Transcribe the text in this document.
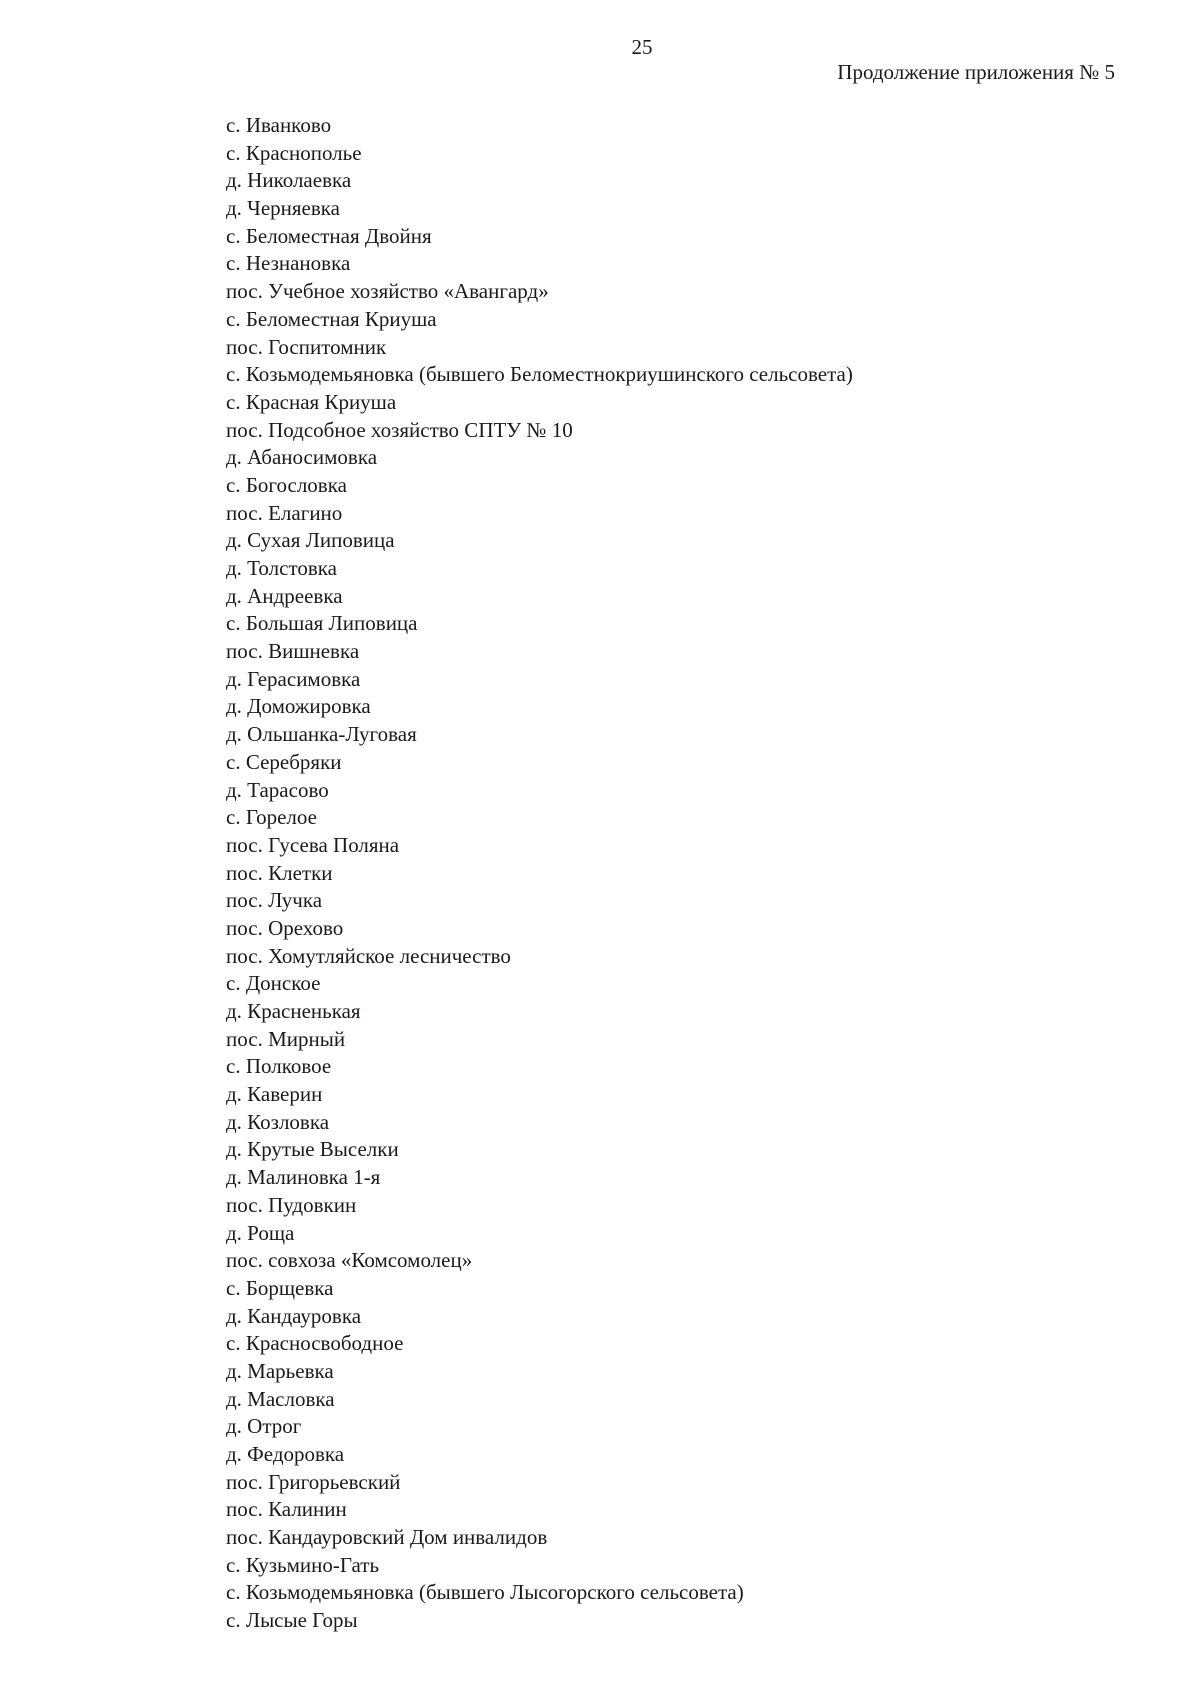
25
Продолжение приложения № 5
с. Иванково
с. Краснополье
д. Николаевка
д. Черняевка
с. Беломестная Двойня
с. Незнановка
пос. Учебное хозяйство «Авангард»
с. Беломестная Криуша
пос. Госпитомник
с. Козьмодемьяновка (бывшего Беломестнокриушинского сельсовета)
с. Красная Криуша
пос. Подсобное хозяйство СПТУ № 10
д. Абаносимовка
с. Богословка
пос. Елагино
д. Сухая Липовица
д. Толстовка
д. Андреевка
с. Большая Липовица
пос. Вишневка
д. Герасимовка
д. Доможировка
д. Ольшанка-Луговая
с. Серебряки
д. Тарасово
с. Горелое
пос. Гусева Поляна
пос. Клетки
пос. Лучка
пос. Орехово
пос. Хомутляйское лесничество
с. Донское
д. Красненькая
пос. Мирный
с. Полковое
д. Каверин
д. Козловка
д. Крутые Выселки
д. Малиновка 1-я
пос. Пудовкин
д. Роща
пос. совхоза «Комсомолец»
с. Борщевка
д. Кандауровка
с. Красносвободное
д. Марьевка
д. Масловка
д. Отрог
д. Федоровка
пос. Григорьевский
пос. Калинин
пос. Кандауровский Дом инвалидов
с. Кузьмино-Гать
с. Козьмодемьяновка (бывшего Лысогорского сельсовета)
с. Лысые Горы
